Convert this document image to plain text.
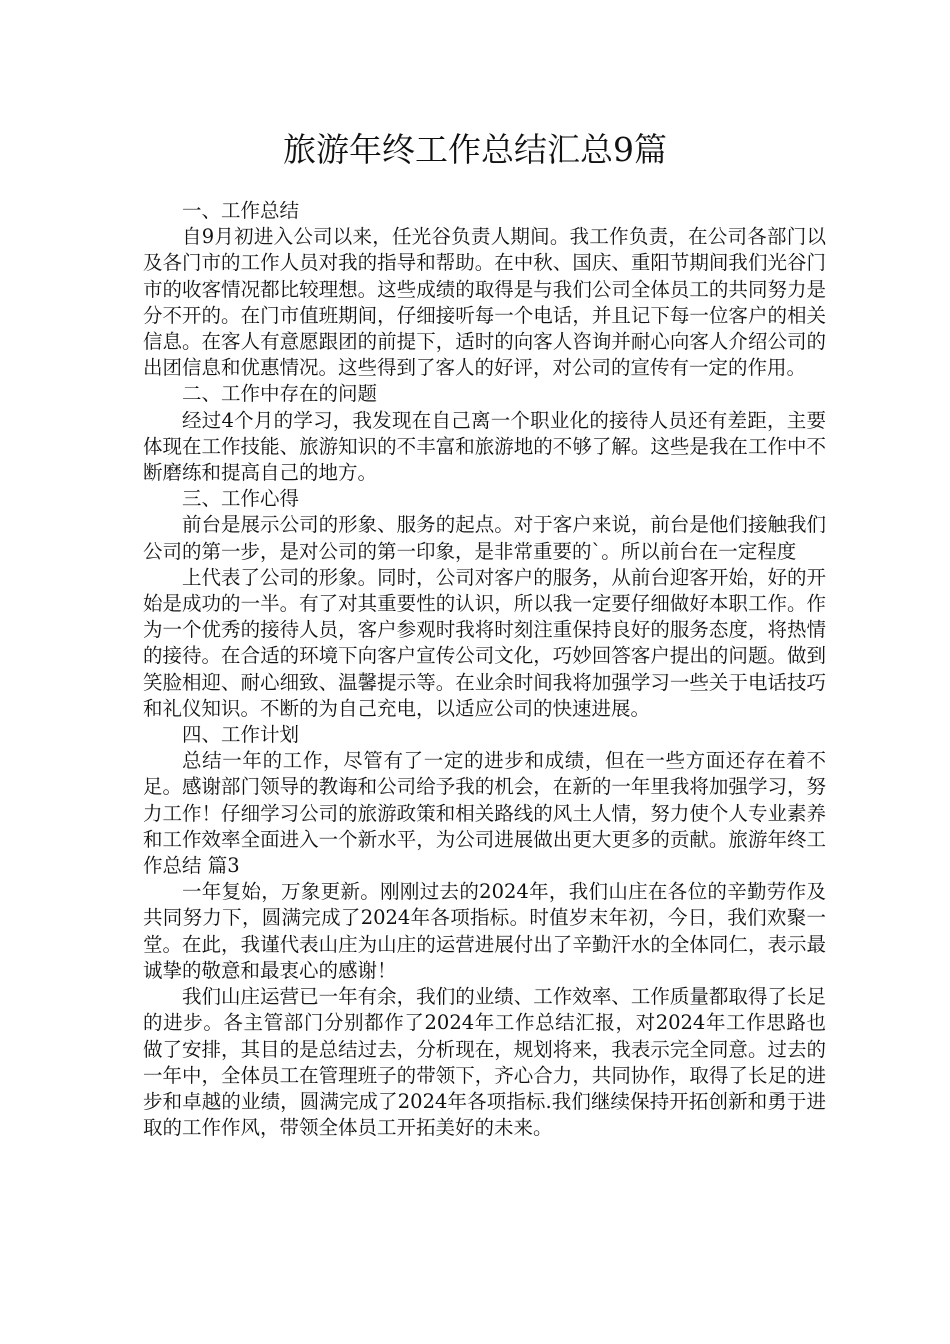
旅游年终工作总结汇总9篇

一、工作总结

自9月初进入公司以来，任光谷负责人期间。我工作负责，在公司各部门以及各门市的工作人员对我的指导和帮助。在中秋、国庆、重阳节期间我们光谷门市的收客情况都比较理想。这些成绩的取得是与我们公司全体员工的共同努力是分不开的。在门市值班期间，仔细接听每一个电话，并且记下每一位客户的相关信息。在客人有意愿跟团的前提下，适时的向客人咨询并耐心向客人介绍公司的出团信息和优惠情况。这些得到了客人的好评，对公司的宣传有一定的作用。

二、工作中存在的问题

经过4个月的学习，我发现在自己离一个职业化的接待人员还有差距，主要体现在工作技能、旅游知识的不丰富和旅游地的不够了解。这些是我在工作中不断磨练和提高自己的地方。

三、工作心得

前台是展示公司的形象、服务的起点。对于客户来说，前台是他们接触我们公司的第一步，是对公司的第一印象，是非常重要的`。所以前台在一定程度

上代表了公司的形象。同时，公司对客户的服务，从前台迎客开始，好的开始是成功的一半。有了对其重要性的认识，所以我一定要仔细做好本职工作。作为一个优秀的接待人员，客户参观时我将时刻注重保持良好的服务态度，将热情的接待。在合适的环境下向客户宣传公司文化，巧妙回答客户提出的问题。做到笑脸相迎、耐心细致、温馨提示等。在业余时间我将加强学习一些关于电话技巧和礼仪知识。不断的为自己充电，以适应公司的快速进展。

四、工作计划

总结一年的工作，尽管有了一定的进步和成绩，但在一些方面还存在着不足。感谢部门领导的教诲和公司给予我的机会，在新的一年里我将加强学习，努力工作！仔细学习公司的旅游政策和相关路线的风土人情，努力使个人专业素养和工作效率全面进入一个新水平，为公司进展做出更大更多的贡献。旅游年终工作总结 篇3

一年复始，万象更新。刚刚过去的2024年，我们山庄在各位的辛勤劳作及共同努力下，圆满完成了2024年各项指标。时值岁末年初，今日，我们欢聚一堂。在此，我谨代表山庄为山庄的运营进展付出了辛勤汗水的全体同仁，表示最诚挚的敬意和最衷心的感谢！

我们山庄运营已一年有余，我们的业绩、工作效率、工作质量都取得了长足的进步。各主管部门分别都作了2024年工作总结汇报，对2024年工作思路也做了安排，其目的是总结过去，分析现在，规划将来，我表示完全同意。过去的一年中，全体员工在管理班子的带领下，齐心合力，共同协作，取得了长足的进步和卓越的业绩，圆满完成了2024年各项指标.我们继续保持开拓创新和勇于进取的工作作风，带领全体员工开拓美好的未来。
